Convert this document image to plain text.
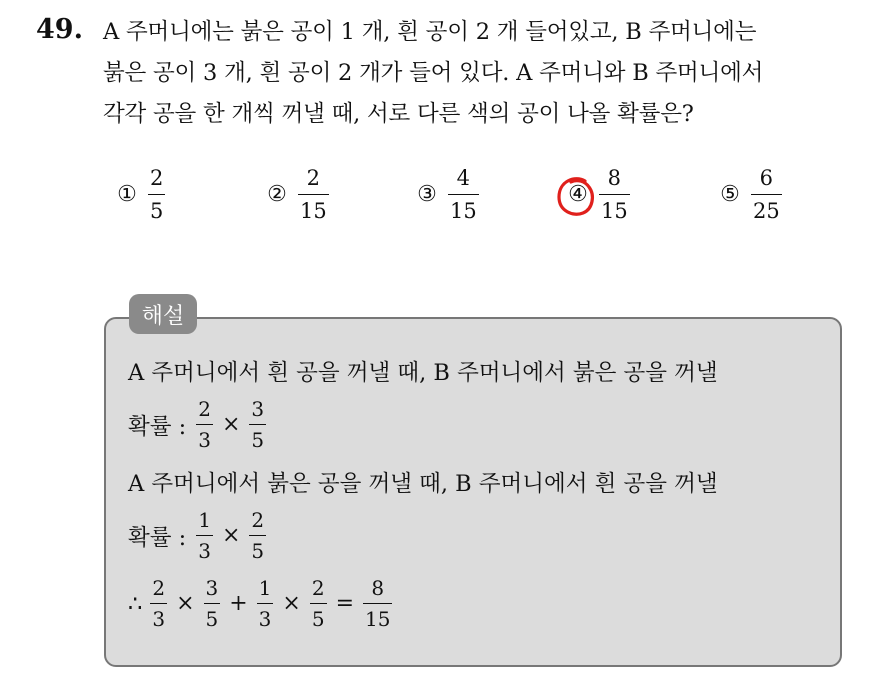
49. A 주머니에는 붉은 공이 1 개, 흰 공이 2 개 들어있고, B 주머니에는
붉은 공이 3 개, 흰 공이 2 개가 들어 있다. A 주머니와 B 주머니에서
각각 공을 한 개씩 꺼낼 때, 서로 다른 색의 공이 나올 확률은?
① $\frac{2}{5}$	② $\frac{2}{15}$	③ $\frac{4}{15}$	④ $\frac{8}{15}$	⑤ $\frac{6}{25}$
해설
A 주머니에서 흰 공을 꺼낼 때, B 주머니에서 붉은 공을 꺼낼
확률 : $\frac{2}{3} \times \frac{3}{5}$
A 주머니에서 붉은 공을 꺼낼 때, B 주머니에서 흰 공을 꺼낼
확률 : $\frac{1}{3} \times \frac{2}{5}$
∴ $\frac{2}{3} \times \frac{3}{5} + \frac{1}{3} \times \frac{2}{5} = \frac{8}{15}$
